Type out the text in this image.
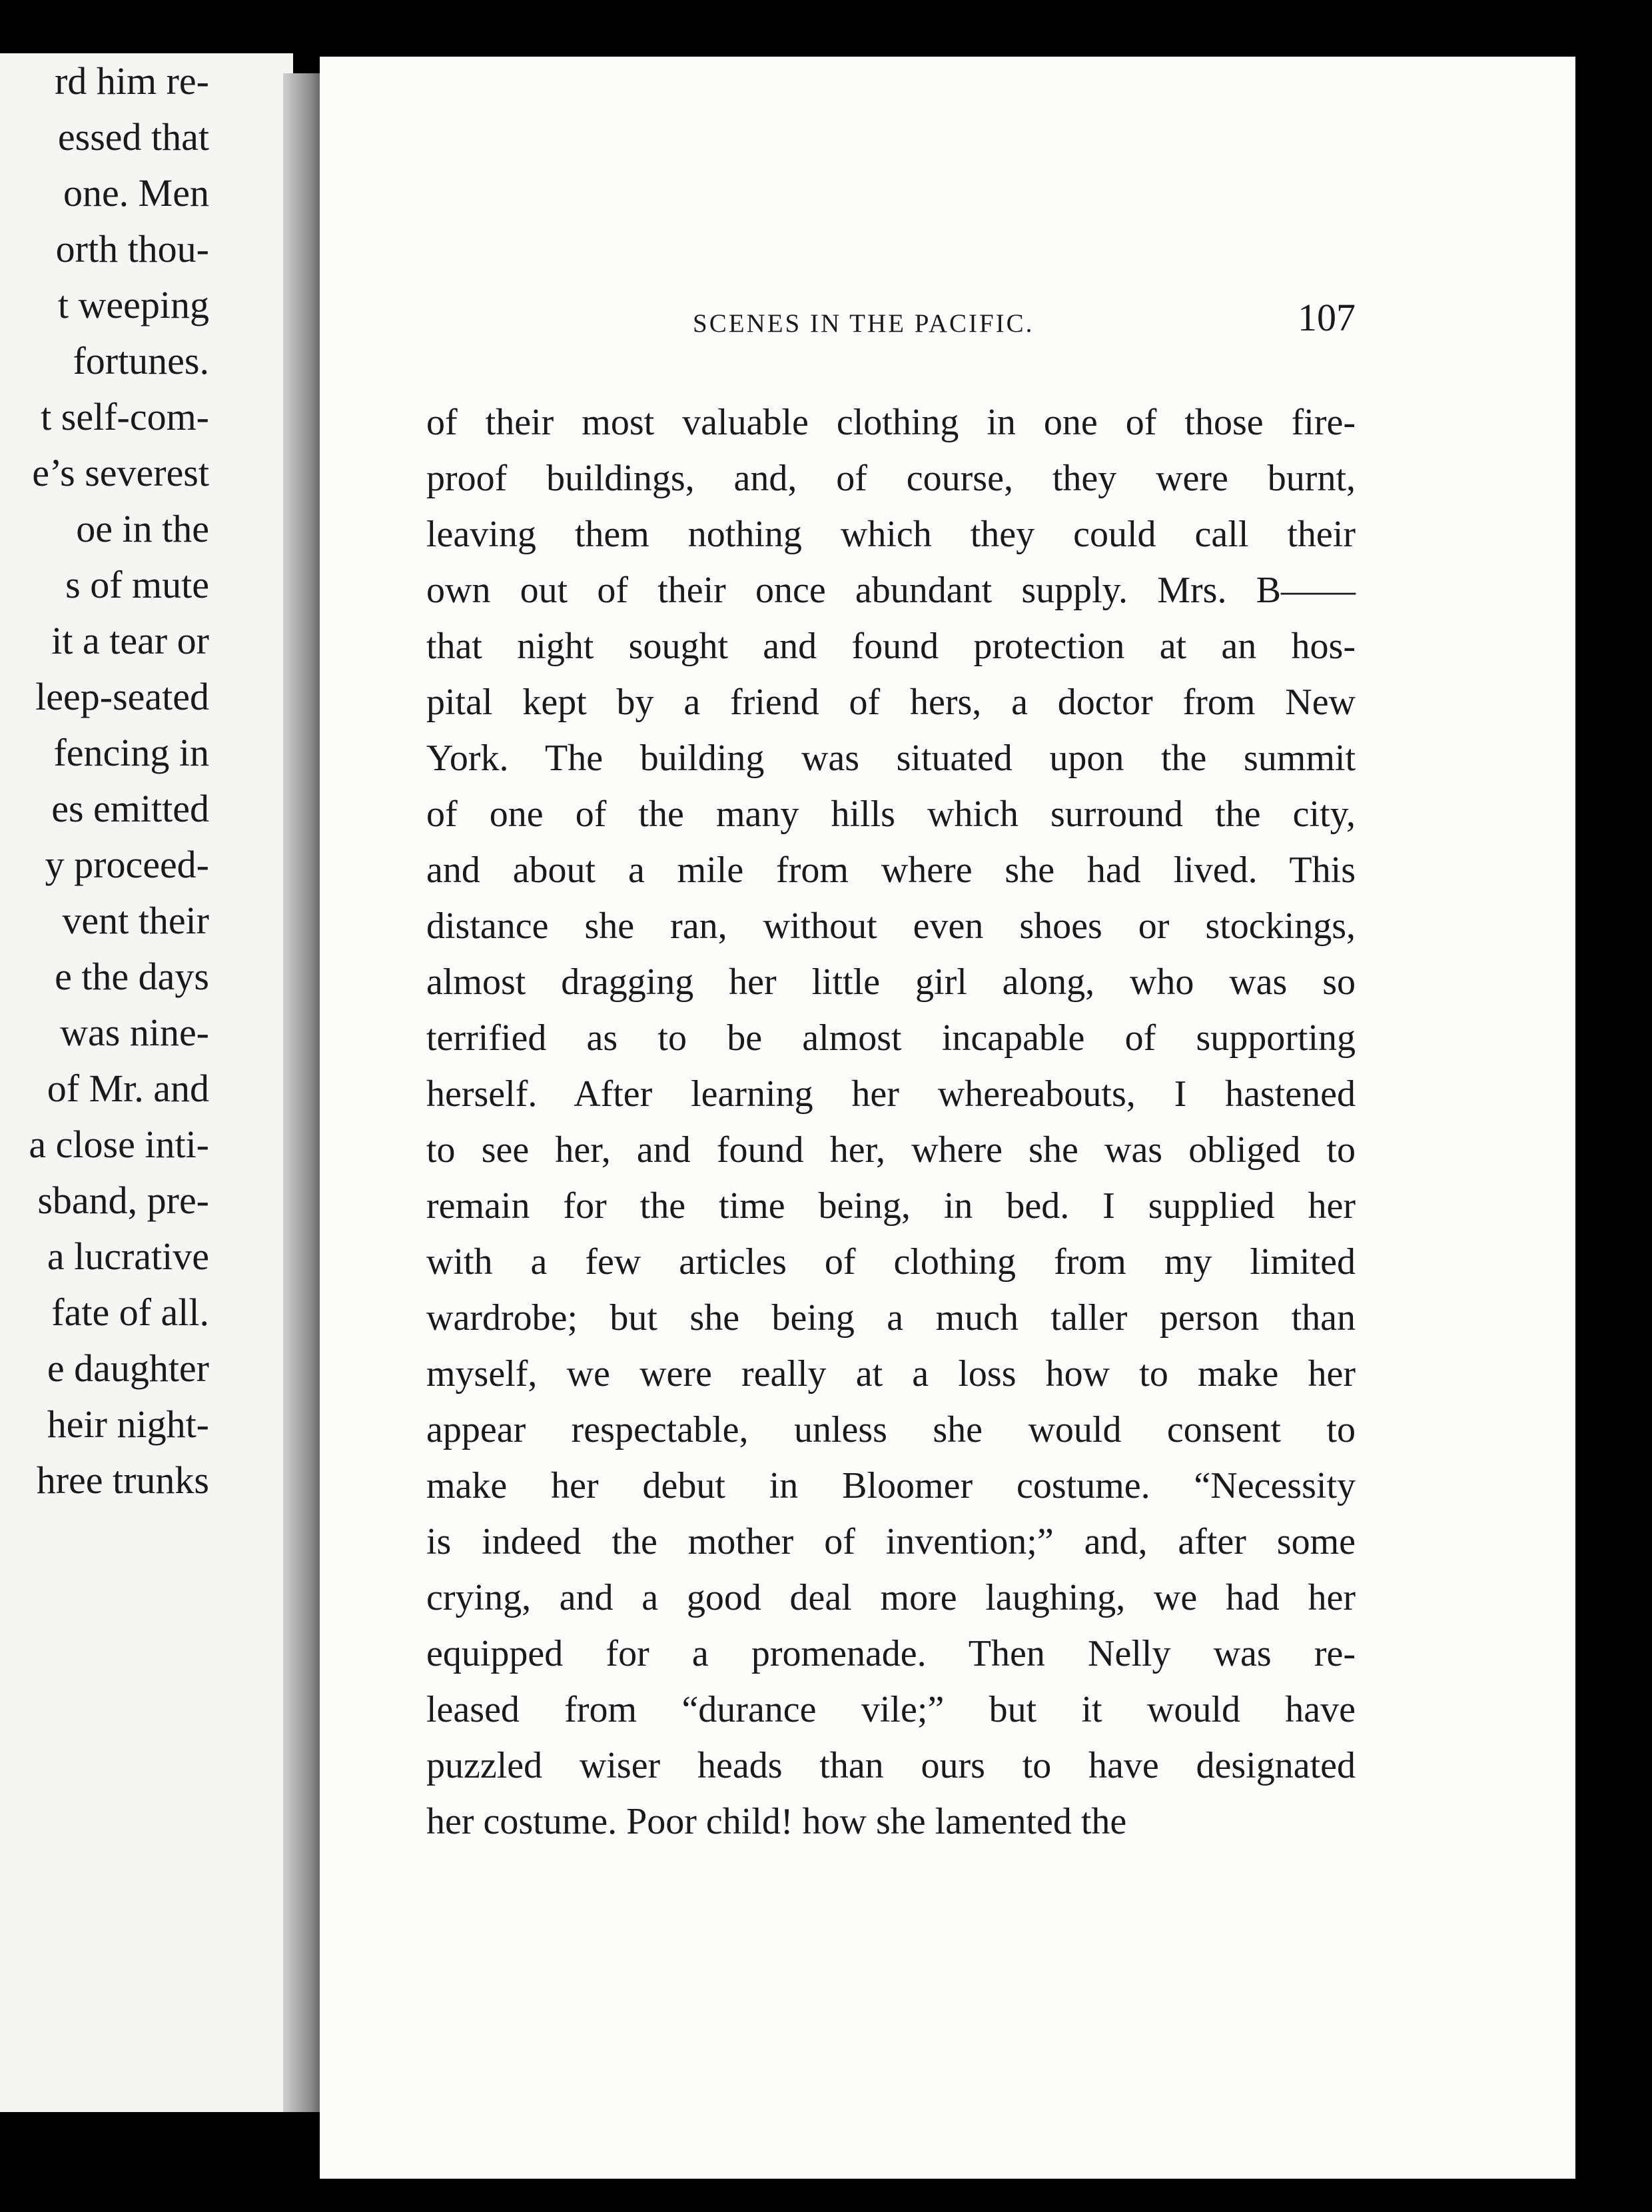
rd him re-
essed that
one. Men
orth thou-
t weeping
fortunes.
t self-com-
e’s severest
oe in the
s of mute
it a tear or
leep-seated
fencing in
es emitted
y proceed-
vent their
e the days
was nine-
of Mr. and
a close inti-
sband, pre-
a lucrative
fate of all.
e daughter
heir night-
hree trunks
SCENES IN THE PACIFIC.	107
of their most valuable clothing in one of those fire-
proof buildings, and, of course, they were burnt,
leaving them nothing which they could call their
own out of their once abundant supply. Mrs. B——
that night sought and found protection at an hos-
pital kept by a friend of hers, a doctor from New
York. The building was situated upon the summit
of one of the many hills which surround the city,
and about a mile from where she had lived. This
distance she ran, without even shoes or stockings,
almost dragging her little girl along, who was so
terrified as to be almost incapable of supporting
herself. After learning her whereabouts, I hastened
to see her, and found her, where she was obliged to
remain for the time being, in bed. I supplied her
with a few articles of clothing from my limited
wardrobe; but she being a much taller person than
myself, we were really at a loss how to make her
appear respectable, unless she would consent to
make her debut in Bloomer costume. “Necessity
is indeed the mother of invention;” and, after some
crying, and a good deal more laughing, we had her
equipped for a promenade. Then Nelly was re-
leased from “durance vile;” but it would have
puzzled wiser heads than ours to have designated
her costume. Poor child! how she lamented the
